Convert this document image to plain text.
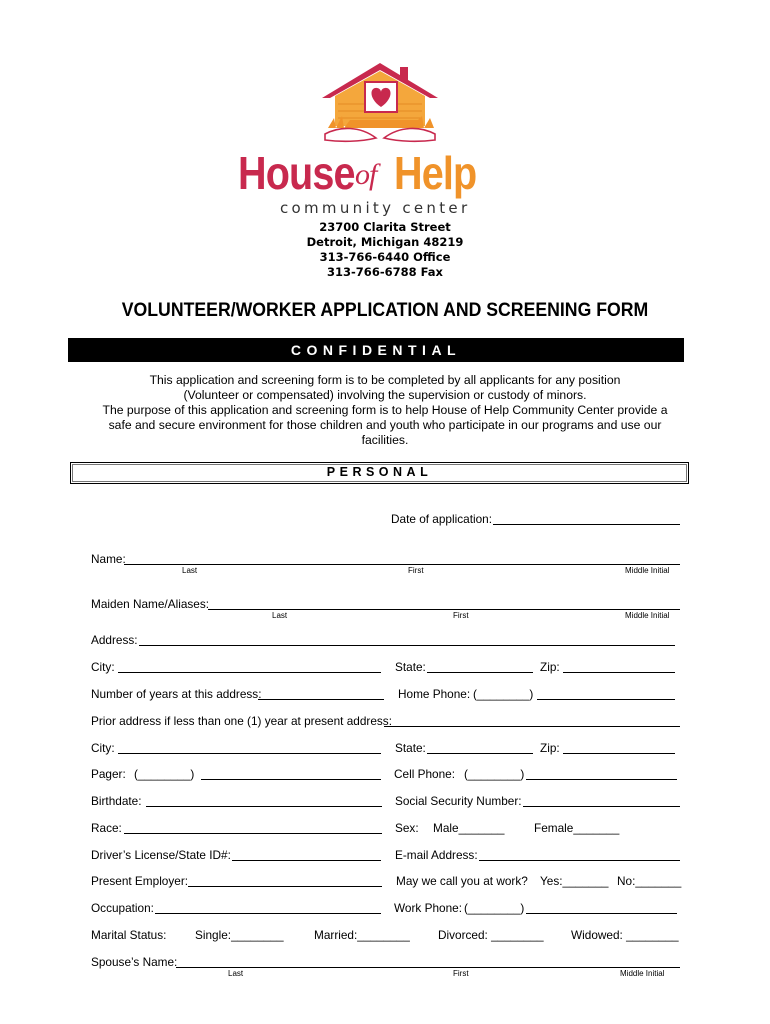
House of Help
community center
23700 Clarita Street
Detroit, Michigan 48219
313-766-6440 Office
313-766-6788 Fax
VOLUNTEER/WORKER APPLICATION AND SCREENING FORM
CONFIDENTIAL
This application and screening form is to be completed by all applicants for any position
(Volunteer or compensated) involving the supervision or custody of minors.
The purpose of this application and screening form is to help House of Help Community Center provide a
safe and secure environment for those children and youth who participate in our programs and use our
facilities.
PERSONAL
Date of application:
Name:
Last	First	Middle Initial
Maiden Name/Aliases:
Last	First	Middle Initial
Address:
City:	State:	Zip:
Number of years at this address:	Home Phone: (________)
Prior address if less than one (1) year at present address:
City:	State:	Zip:
Pager: (________)	Cell Phone: (________)
Birthdate:	Social Security Number:
Race:	Sex: Male_______	Female_______
Driver’s License/State ID#:	E-mail Address:
Present Employer:	May we call you at work? Yes:_______ No:_______
Occupation:	Work Phone: (________)
Marital Status: Single:________	Married:________ Divorced: ________ Widowed: ________
Spouse’s Name:
Last	First	Middle Initial
